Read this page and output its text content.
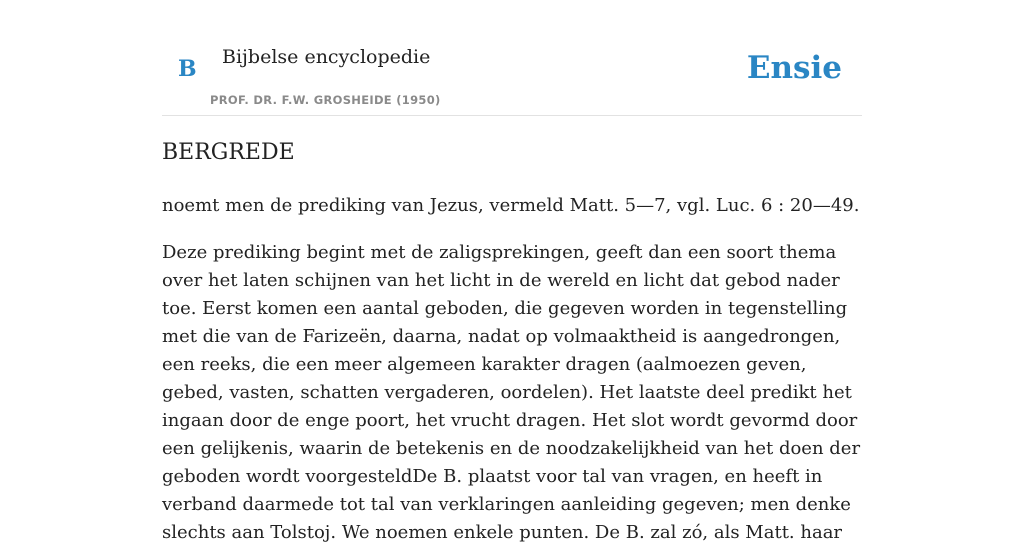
B Bijbelse encyclopedie
PROF. DR. F.W. GROSHEIDE (1950)
Ensie
BERGREDE

noemt men de prediking van Jezus, vermeld Matt. 5—7, vgl. Luc. 6 : 20—49.

Deze prediking begint met de zaligsprekingen, geeft dan een soort thema over het laten schijnen van het licht in de wereld en licht dat gebod nader toe. Eerst komen een aantal geboden, die gegeven worden in tegenstelling met die van de Farizeën, daarna, nadat op volmaaktheid is aangedrongen, een reeks, die een meer algemeen karakter dragen (aalmoezen geven, gebed, vasten, schatten vergaderen, oordelen). Het laatste deel predikt het ingaan door de enge poort, het vrucht dragen. Het slot wordt gevormd door een gelijkenis, waarin de betekenis en de noodzakelijkheid van het doen der geboden wordt voorgesteldDe B. plaatst voor tal van vragen, en heeft in verband daarmede tot tal van verklaringen aanleiding gegeven; men denke slechts aan Tolstoj. We noemen enkele punten. De B. zal zó, als Matt. haar
